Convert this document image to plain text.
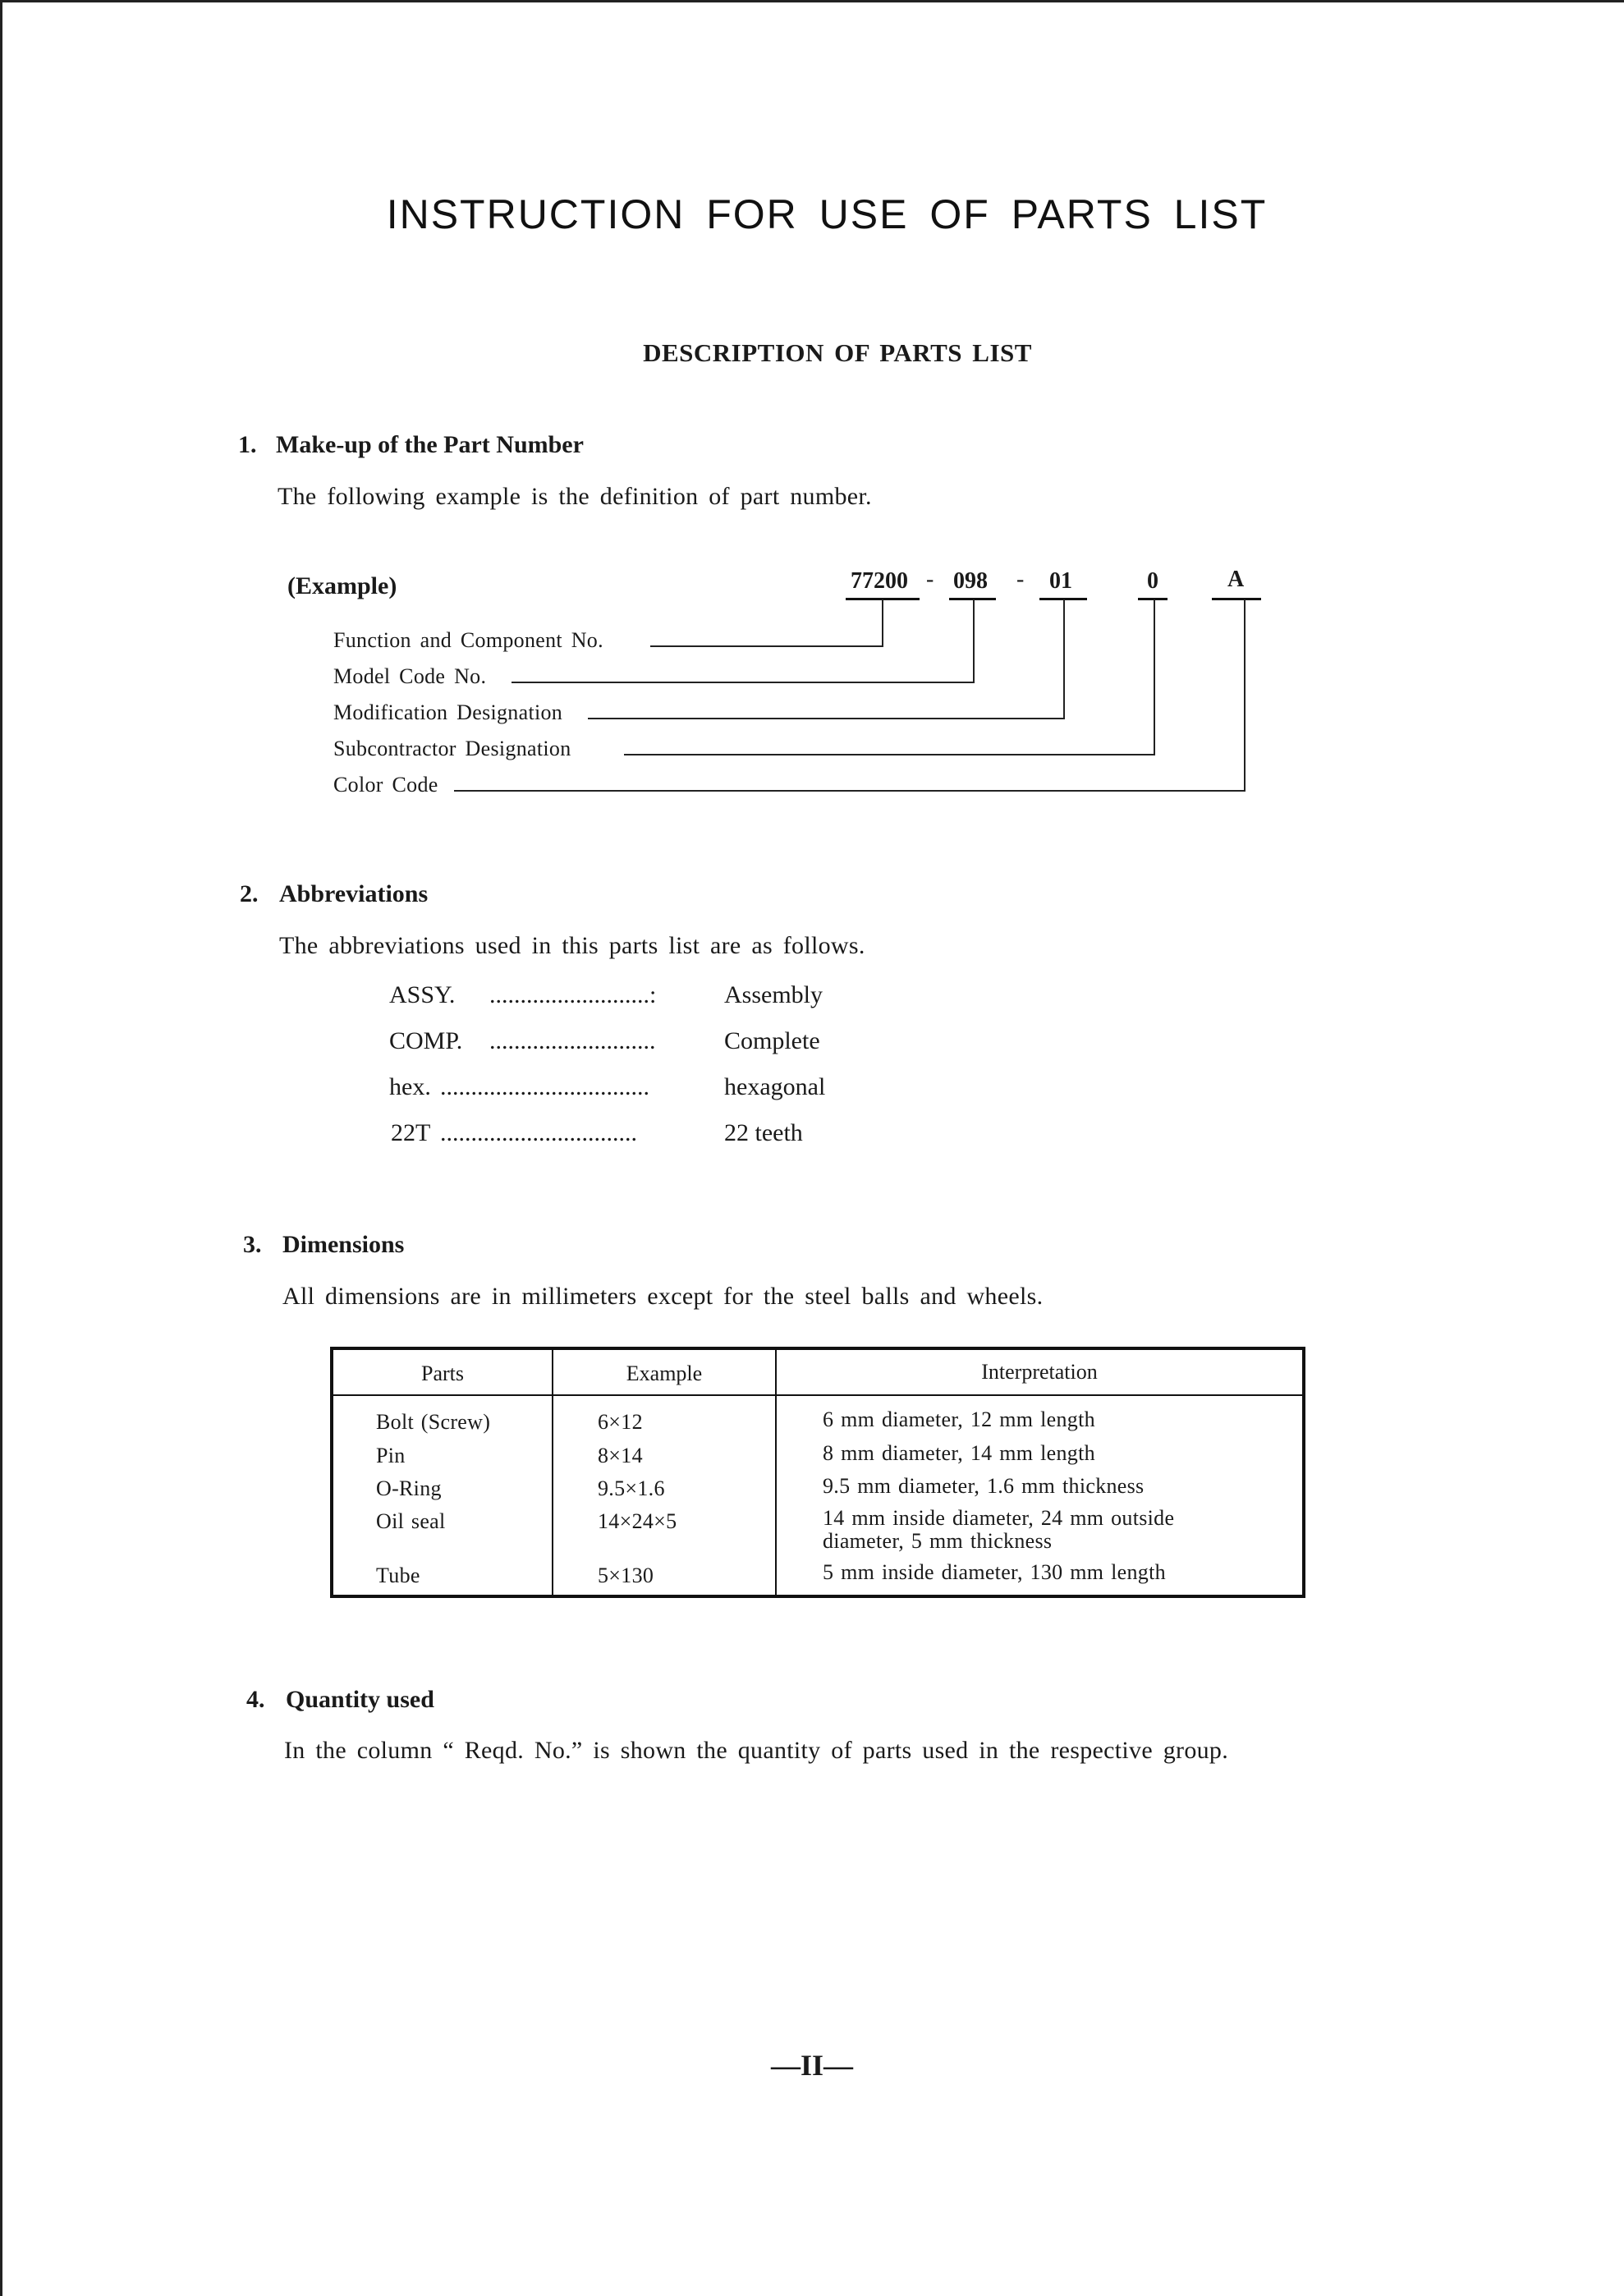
INSTRUCTION FOR USE OF PARTS LIST
DESCRIPTION OF PARTS LIST
1. Make-up of the Part Number
The following example is the definition of part number.
(Example)	77200 - 098 - 01	0	A
Function and Component No.
Model Code No.
Modification Designation
Subcontractor Designation
Color Code
2. Abbreviations
The abbreviations used in this parts list are as follows.
ASSY. ..........................:	Assembly
COMP. ...........................	Complete
hex. ..................................	hexagonal
22T ................................	22 teeth
3. Dimensions
All dimensions are in millimeters except for the steel balls and wheels.
Parts	Example	Interpretation
Bolt (Screw)	6×12	6 mm diameter, 12 mm length
Pin	8×14	8 mm diameter, 14 mm length
O-Ring	9.5×1.6	9.5 mm diameter, 1.6 mm thickness
Oil seal	14×24×5	14 mm inside diameter, 24 mm outside
diameter, 5 mm thickness
Tube	5×130	5 mm inside diameter, 130 mm length
4. Quantity used
In the column “ Reqd. No.” is shown the quantity of parts used in the respective group.
—II—
